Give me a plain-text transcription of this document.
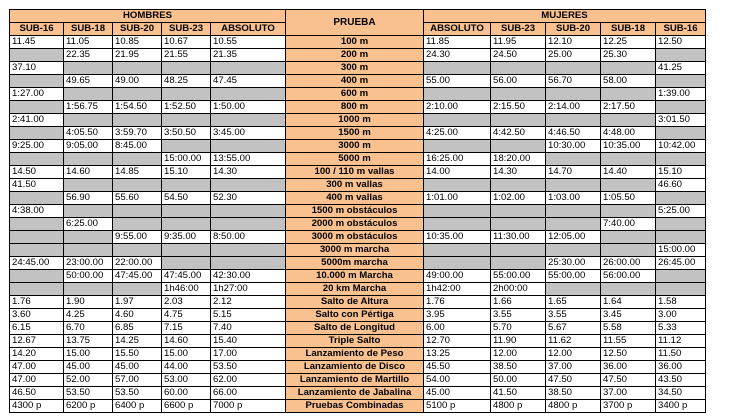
HOMBRES					PRUEBA	MUJERES				
SUB-16	SUB-18	SUB-20	SUB-23	ABSOLUTO		ABSOLUTO	SUB-23	SUB-20	SUB-18	SUB-16
11.45	11.05	10.85	10.67	10.55	100 m	11.85	11.95	12.10	12.25	12.50
	22.35	21.95	21.55	21.35	200 m	24.30	24.50	25.00	25.30	
37.10					300 m					41.25
	49.65	49.00	48.25	47.45	400 m	55.00	56.00	56.70	58.00	
1:27.00					600 m					1:39.00
	1:56.75	1:54.50	1:52.50	1:50.00	800 m	2:10.00	2:15.50	2:14.00	2:17.50	
2:41.00					1000 m					3:01.50
	4:05.50	3:59.70	3:50.50	3:45.00	1500 m	4:25.00	4:42.50	4:46.50	4:48.00	
9:25.00	9:05.00	8:45.00			3000 m			10:30.00	10:35.00	10:42.00
			15:00.00	13:55.00	5000 m	16:25.00	18:20.00			
14.50	14.60	14.85	15.10	14.30	100 / 110 m vallas	14.00	14.30	14.70	14.40	15.10
41.50					300 m vallas					46.60
	56.90	55.60	54.50	52.30	400 m vallas	1:01.00	1:02.00	1:03.00	1:05.50	
4:38.00					1500 m obstáculos					5:25.00
	6:25.00				2000 m obstáculos				7:40.00	
		9:55.00	9:35.00	8:50.00	3000 m obstáculos	10:35.00	11:30.00	12:05.00		
					3000 m marcha					15:00.00
24:45.00	23:00.00	22:00.00			5000m marcha			25:30.00	26:00.00	26:45.00
	50:00.00	47:45.00	47:45.00	42:30.00	10.000 m Marcha	49:00.00	55:00.00	55:00.00	56:00.00	
			1h46:00	1h27:00	20 km Marcha	1h42:00	2h00:00			
1.76	1.90	1.97	2.03	2.12	Salto de Altura	1.76	1.66	1.65	1.64	1.58
3.60	4.25	4.60	4.75	5.15	Salto con Pértiga	3.95	3.55	3.55	3.45	3.00
6.15	6.70	6.85	7.15	7.40	Salto de Longitud	6.00	5.70	5.67	5.58	5.33
12.67	13.75	14.25	14.60	15.40	Triple Salto	12.70	11.90	11.62	11.55	11.12
14.20	15.00	15.50	15.00	17.00	Lanzamiento de Peso	13.25	12.00	12.00	12.50	11.50
47.00	45.00	45.00	44.00	53.50	Lanzamiento de Disco	45.50	38.50	37.00	36.00	36.00
47.00	52.00	57.00	53.00	62.00	Lanzamiento de Martillo	54.00	50.00	47.50	47.50	43.50
46.50	53.50	53.50	60.00	66.00	Lanzamiento de Jabalina	45.00	41.50	38.50	37.00	34.50
4300 p	6200 p	6400 p	6600 p	7000 p	Pruebas Combinadas	5100 p	4800 p	4800 p	3700 p	3400 p
